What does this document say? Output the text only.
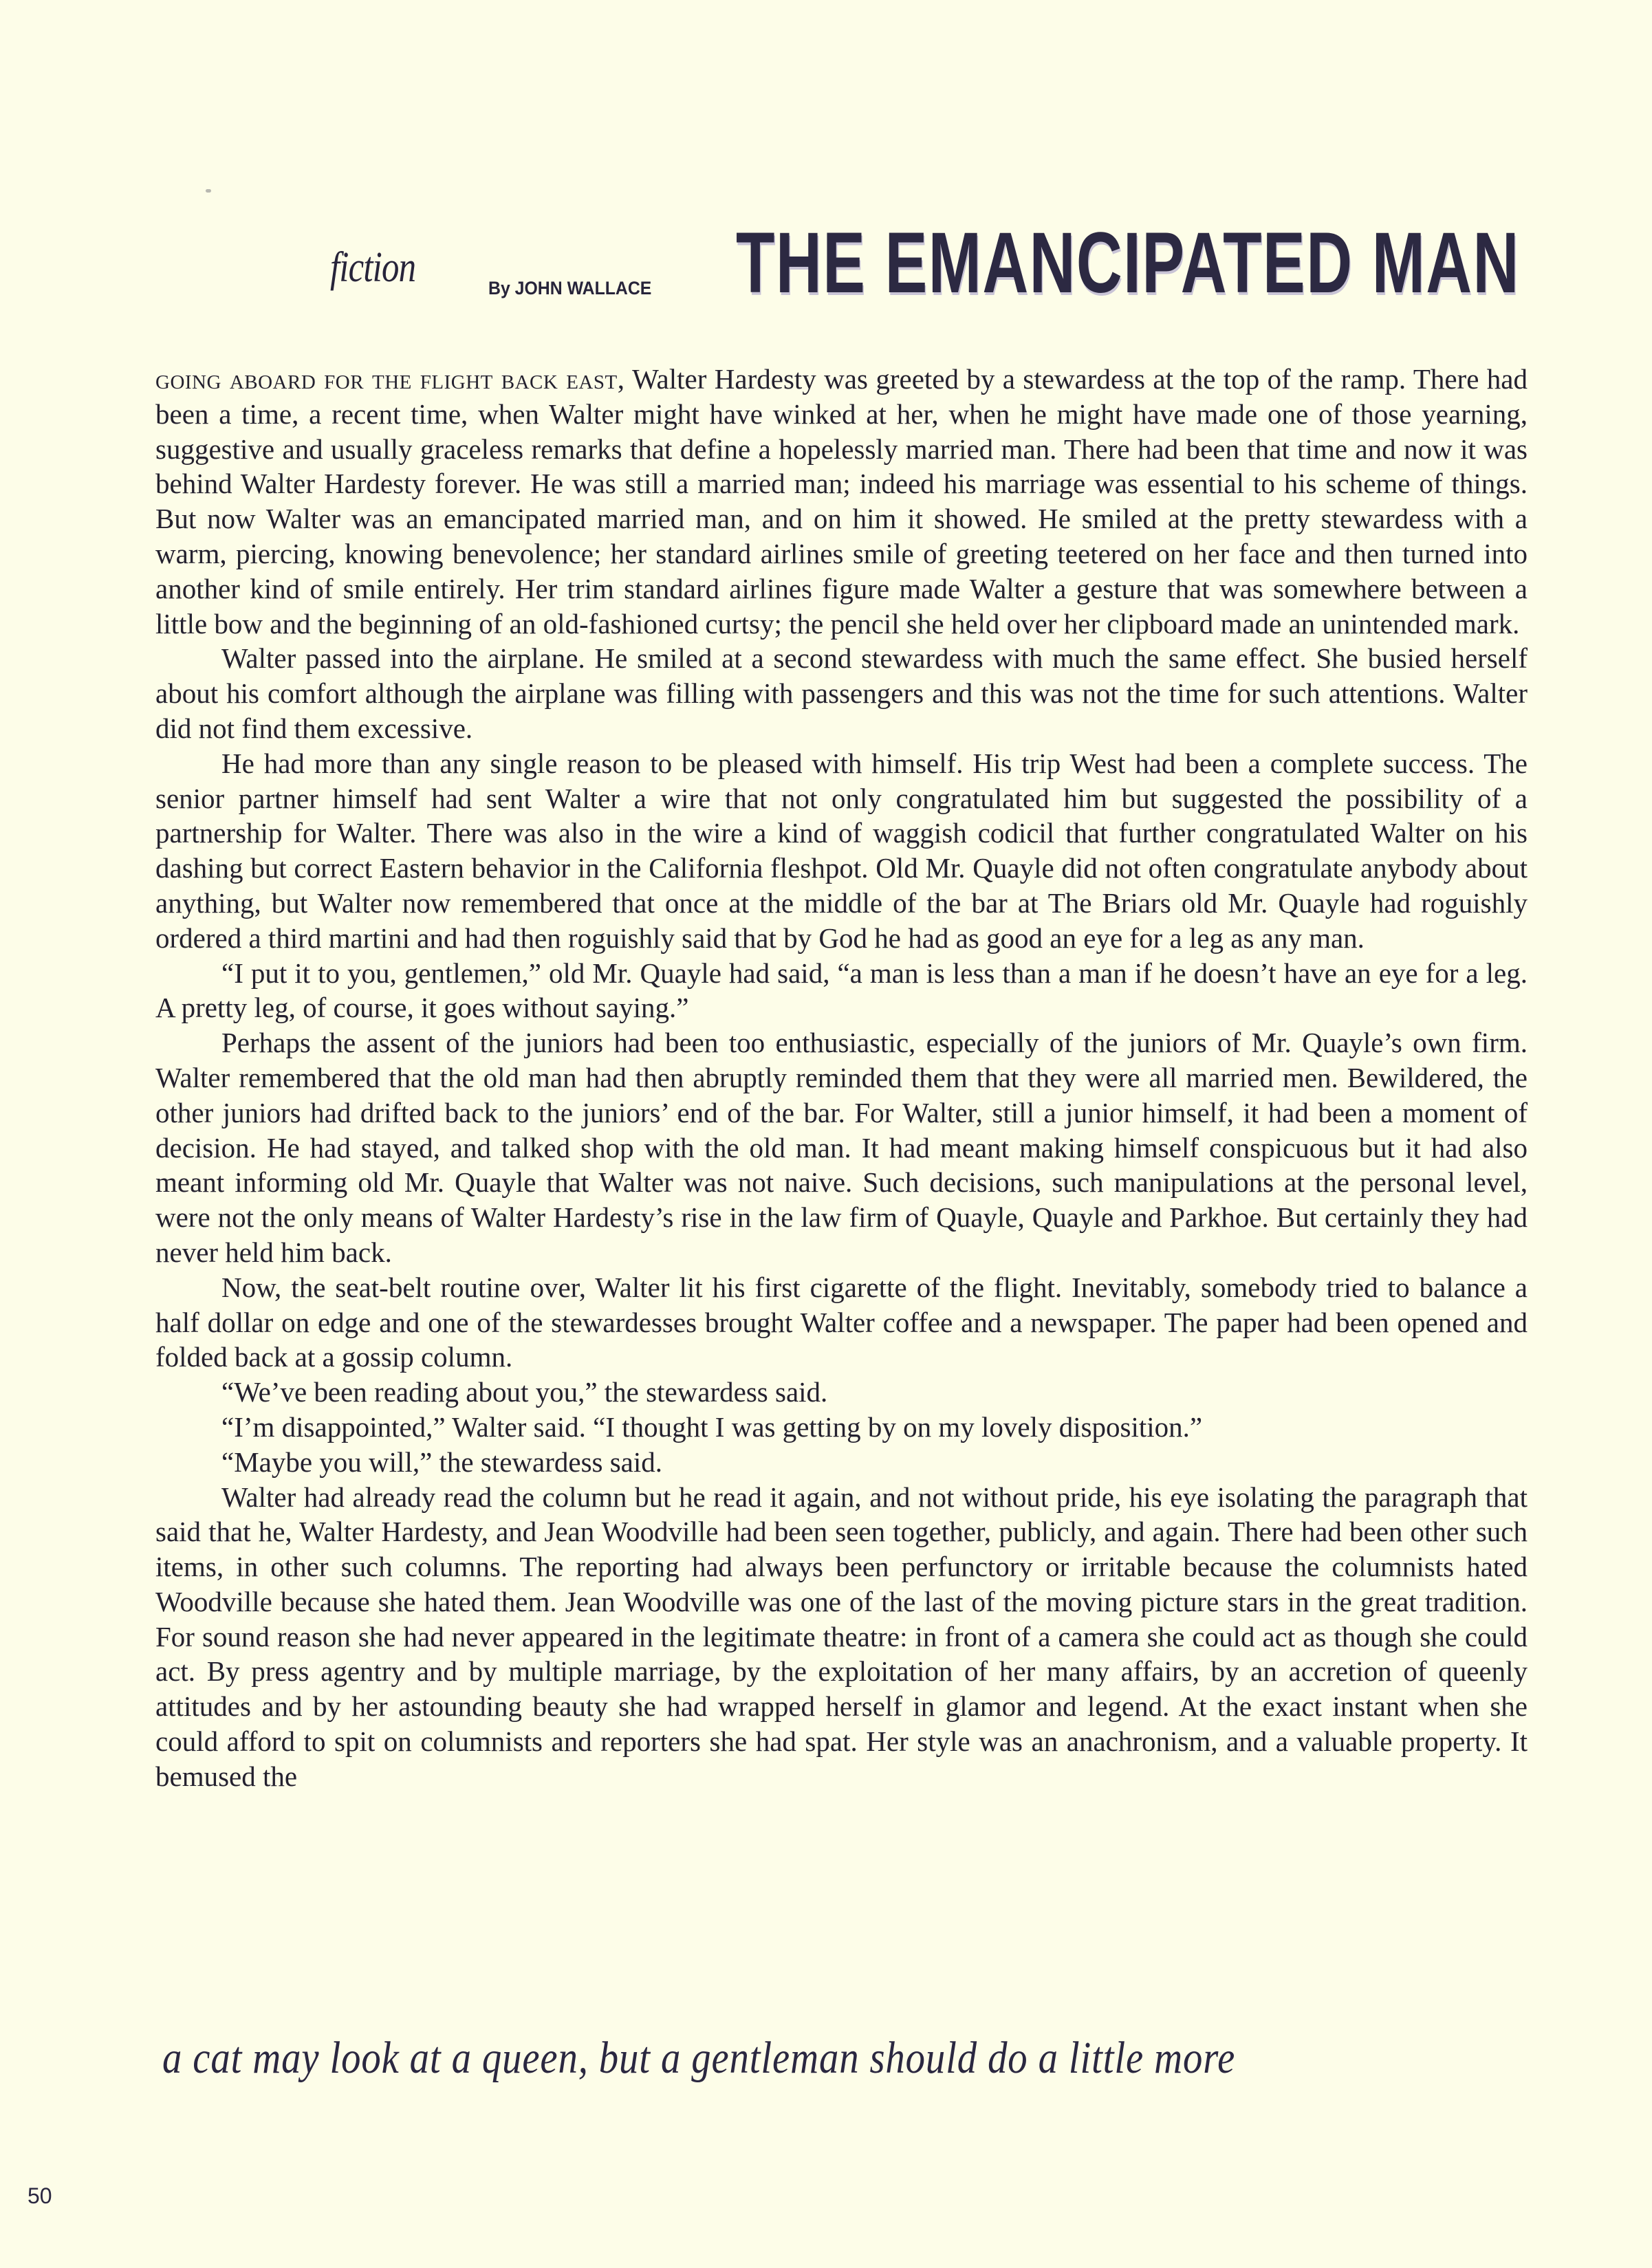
fiction	By JOHN WALLACE THE EMANCIPATED MAN

going aboard for the flight back east, Walter Hardesty was greeted by a stewardess at the top of the ramp. There had been a time, a recent time, when Walter might have winked at her, when he might have made one of those yearning, suggestive and usually graceless remarks that define a hopelessly married man. There had been that time and now it was behind Walter Hardesty forever. He was still a married man; indeed his marriage was essential to his scheme of things. But now Walter was an emancipated married man, and on him it showed. He smiled at the pretty stewardess with a warm, piercing, knowing benevolence; her standard airlines smile of greeting teetered on her face and then turned into another kind of smile entirely. Her trim standard airlines figure made Walter a gesture that was somewhere between a little bow and the beginning of an old-fashioned curtsy; the pencil she held over her clipboard made an unintended mark.

Walter passed into the airplane. He smiled at a second stewardess with much the same effect. She busied herself about his comfort although the airplane was filling with passengers and this was not the time for such attentions. Walter did not find them excessive.

He had more than any single reason to be pleased with himself. His trip West had been a complete success. The senior partner himself had sent Walter a wire that not only congratulated him but suggested the possibility of a partnership for Walter. There was also in the wire a kind of waggish codicil that further congratulated Walter on his dashing but correct Eastern behavior in the California fleshpot. Old Mr. Quayle did not often congratulate anybody about anything, but Walter now remembered that once at the middle of the bar at The Briars old Mr. Quayle had roguishly ordered a third martini and had then roguishly said that by God he had as good an eye for a leg as any man.

“I put it to you, gentlemen,” old Mr. Quayle had said, “a man is less than a man if he doesn’t have an eye for a leg. A pretty leg, of course, it goes without saying.”

Perhaps the assent of the juniors had been too enthusiastic, especially of the juniors of Mr. Quayle’s own firm. Walter remembered that the old man had then abruptly reminded them that they were all married men. Bewildered, the other juniors had drifted back to the juniors’ end of the bar. For Walter, still a junior himself, it had been a moment of decision. He had stayed, and talked shop with the old man. It had meant making himself conspicuous but it had also meant informing old Mr. Quayle that Walter was not naive. Such decisions, such manipulations at the personal level, were not the only means of Walter Hardesty’s rise in the law firm of Quayle, Quayle and Parkhoe. But certainly they had never held him back.

Now, the seat-belt routine over, Walter lit his first cigarette of the flight. Inevitably, somebody tried to balance a half dollar on edge and one of the stewardesses brought Walter coffee and a newspaper. The paper had been opened and folded back at a gossip column.

“We’ve been reading about you,” the stewardess said.

“I’m disappointed,” Walter said. “I thought I was getting by on my lovely disposition.”

“Maybe you will,” the stewardess said.

Walter had already read the column but he read it again, and not without pride, his eye isolating the paragraph that said that he, Walter Hardesty, and Jean Woodville had been seen together, publicly, and again. There had been other such items, in other such columns. The reporting had always been perfunctory or irritable because the columnists hated Woodville because she hated them. Jean Woodville was one of the last of the moving picture stars in the great tradition. For sound reason she had never appeared in the legitimate theatre: in front of a camera she could act as though she could act. By press agentry and by multiple marriage, by the exploitation of her many affairs, by an accretion of queenly attitudes and by her astounding beauty she had wrapped herself in glamor and legend. At the exact instant when she could afford to spit on columnists and reporters she had spat. Her style was an anachronism, and a valuable property. It bemused the

a cat may look at a queen, but a gentleman should do a little more
50
